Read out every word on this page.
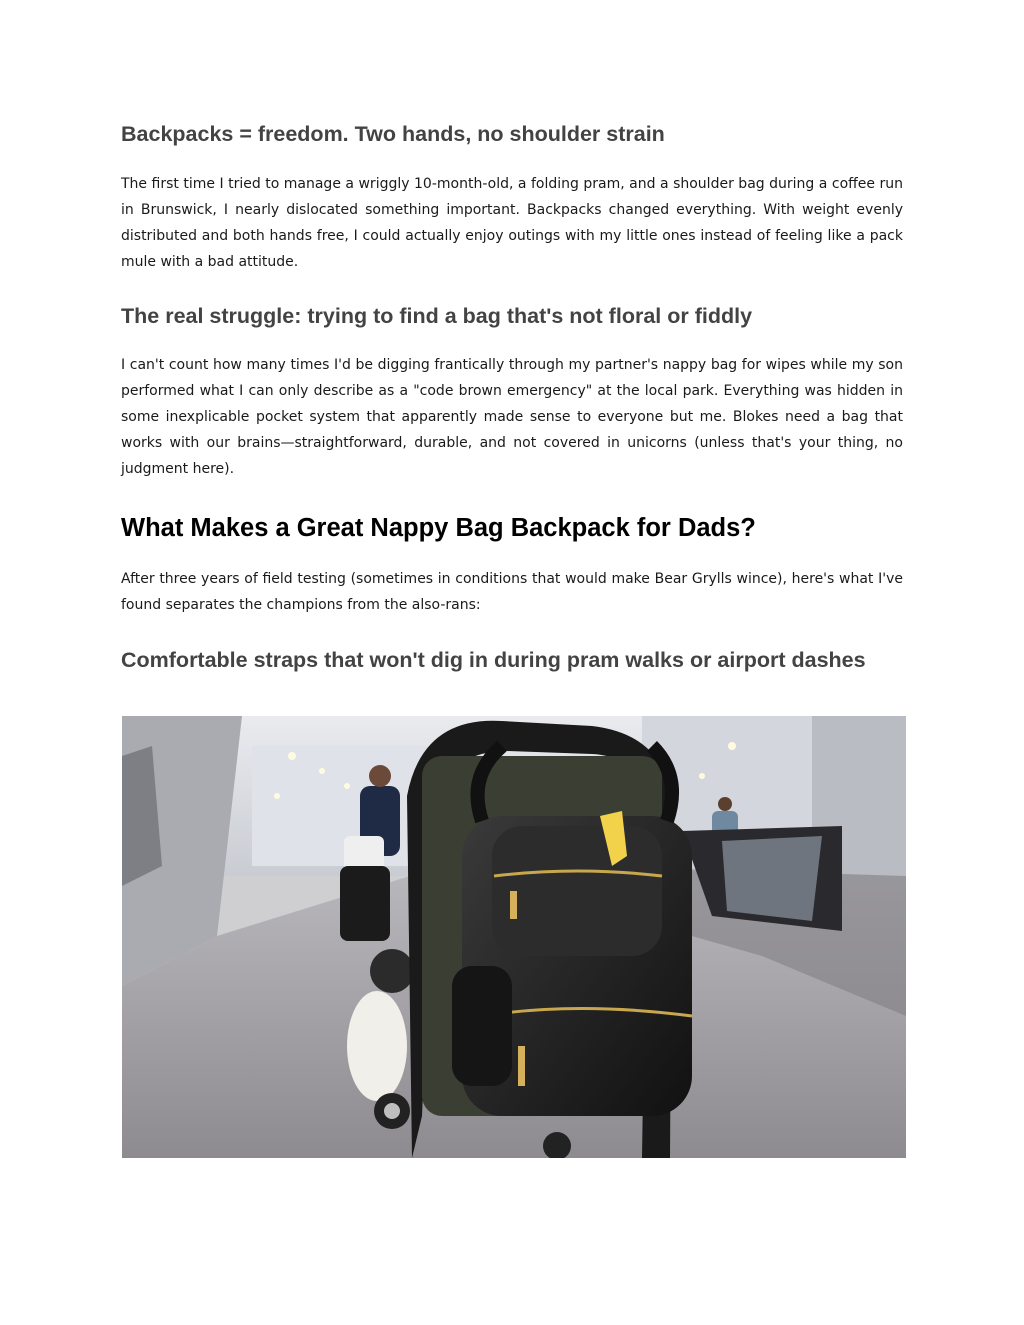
Backpacks = freedom. Two hands, no shoulder strain

The first time I tried to manage a wriggly 10-month-old, a folding pram, and a shoulder bag during a coffee run in Brunswick, I nearly dislocated something important. Backpacks changed everything. With weight evenly distributed and both hands free, I could actually enjoy outings with my little ones instead of feeling like a pack mule with a bad attitude.

The real struggle: trying to find a bag that's not floral or fiddly

I can't count how many times I'd be digging frantically through my partner's nappy bag for wipes while my son performed what I can only describe as a "code brown emergency" at the local park. Everything was hidden in some inexplicable pocket system that apparently made sense to everyone but me. Blokes need a bag that works with our brains—straightforward, durable, and not covered in unicorns (unless that's your thing, no judgment here).

What Makes a Great Nappy Bag Backpack for Dads?

After three years of field testing (sometimes in conditions that would make Bear Grylls wince), here's what I've found separates the champions from the also-rans:

Comfortable straps that won't dig in during pram walks or airport dashes
